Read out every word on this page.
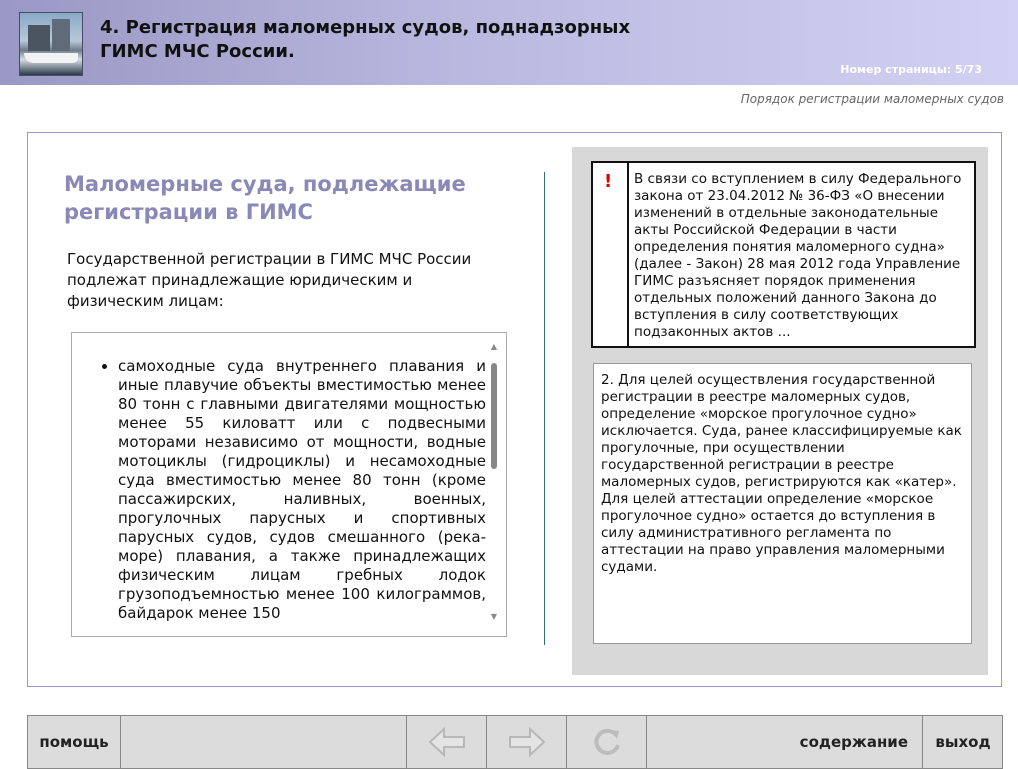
4. Регистрация маломерных судов, поднадзорных ГИМС МЧС России.
Номер страницы: 5/73
Порядок регистрации маломерных судов
Маломерные суда, подлежащие регистрации в ГИМС
Государственной регистрации в ГИМС МЧС России подлежат принадлежащие юридическим и физическим лицам:
• самоходные суда внутреннего плавания и иные плавучие объекты вместимостью менее 80 тонн с главными двигателями мощностью менее 55 киловатт или с подвесными моторами независимо от мощности, водные мотоциклы (гидроциклы) и несамоходные суда вместимостью менее 80 тонн (кроме пассажирских, наливных, военных, прогулочных парусных и спортивных парусных судов, судов смешанного (река-море) плавания, а также принадлежащих физическим лицам гребных лодок грузоподъемностью менее 100 килограммов, байдарок менее 150
▲
▼
! В связи со вступлением в силу Федерального закона от 23.04.2012 № 36-ФЗ «О внесении изменений в отдельные законодательные акты Российской Федерации в части определения понятия маломерного судна» (далее - Закон) 28 мая 2012 года Управление ГИМС разъясняет порядок применения отдельных положений данного Закона до вступления в силу соответствующих подзаконных актов ...
2. Для целей осуществления государственной регистрации в реестре маломерных судов, определение «морское прогулочное судно» исключается. Суда, ранее классифицируемые как прогулочные, при осуществлении государственной регистрации в реестре маломерных судов, регистрируются как «катер». Для целей аттестации определение «морское прогулочное судно» остается до вступления в силу административного регламента по аттестации на право управления маломерными судами.
помощь	содержание выход
